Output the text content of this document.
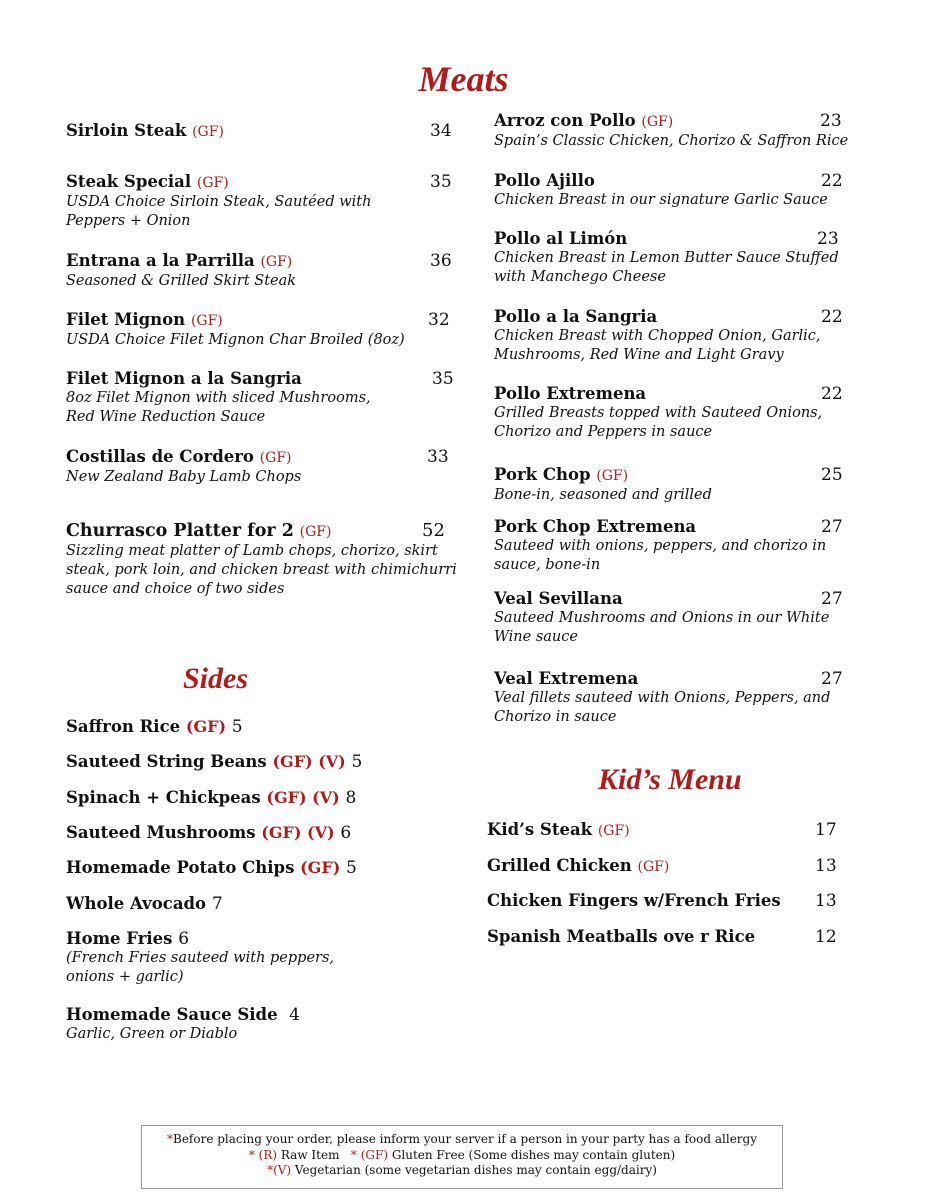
Meats
Sides
Kid’s Menu
Sirloin Steak (GF)	34
Steak Special (GF)	35
USDA Choice Sirloin Steak, Sautéed with
Peppers + Onion
Entrana a la Parrilla (GF)	36
Seasoned & Grilled Skirt Steak
Filet Mignon (GF)	32
USDA Choice Filet Mignon Char Broiled (8oz)
Filet Mignon a la Sangria	35
8oz Filet Mignon with sliced Mushrooms,
Red Wine Reduction Sauce
Costillas de Cordero (GF)	33
New Zealand Baby Lamb Chops
Churrasco Platter for 2 (GF)	52
Sizzling meat platter of Lamb chops, chorizo, skirt
steak, pork loin, and chicken breast with chimichurri
sauce and choice of two sides
Arroz con Pollo (GF)	23
Spain’s Classic Chicken, Chorizo & Saffron Rice
Pollo Ajillo	22
Chicken Breast in our signature Garlic Sauce
Pollo al Limón	23
Chicken Breast in Lemon Butter Sauce Stuffed
with Manchego Cheese
Pollo a la Sangria	22
Chicken Breast with Chopped Onion, Garlic,
Mushrooms, Red Wine and Light Gravy
Pollo Extremena	22
Grilled Breasts topped with Sauteed Onions,
Chorizo and Peppers in sauce
Pork Chop (GF)	25
Bone-in, seasoned and grilled
Pork Chop Extremena	27
Sauteed with onions, peppers, and chorizo in
sauce, bone-in
Veal Sevillana	27
Sauteed Mushrooms and Onions in our White
Wine sauce
Veal Extremena	27
Veal fillets sauteed with Onions, Peppers, and
Chorizo in sauce
Saffron Rice (GF) 5
Sauteed String Beans (GF) (V) 5
Spinach + Chickpeas (GF) (V) 8
Sauteed Mushrooms (GF) (V) 6
Homemade Potato Chips (GF) 5
Whole Avocado 7
Home Fries 6
(French Fries sauteed with peppers,
onions + garlic)
Homemade Sauce Side 4
Garlic, Green or Diablo
Kid’s Steak (GF)	17
Grilled Chicken (GF)	13
Chicken Fingers w/French Fries	13
Spanish Meatballs ove r Rice	12
*Before placing your order, please inform your server if a person in your party has a food allergy
* (R) Raw Item   * (GF) Gluten Free (Some dishes may contain gluten)
*(V) Vegetarian (some vegetarian dishes may contain egg/dairy)
